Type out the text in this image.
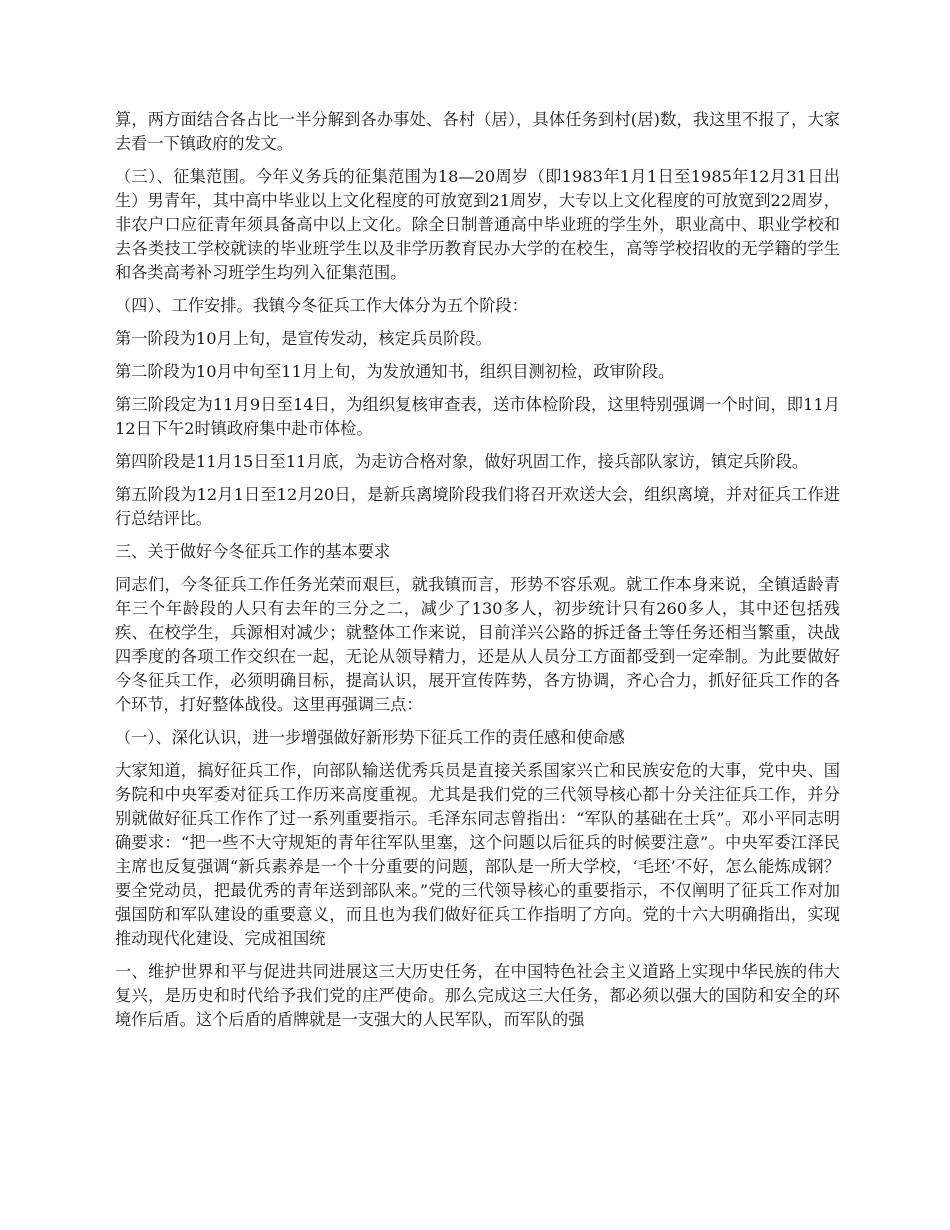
算，两方面结合各占比一半分解到各办事处、各村（居），具体任务到村(居)数，我这里不报了，大家去看一下镇政府的发文。

（三）、征集范围。今年义务兵的征集范围为18—20周岁（即1983年1月1日至1985年12月31日出生）男青年，其中高中毕业以上文化程度的可放宽到21周岁，大专以上文化程度的可放宽到22周岁，非农户口应征青年须具备高中以上文化。除全日制普通高中毕业班的学生外，职业高中、职业学校和去各类技工学校就读的毕业班学生以及非学历教育民办大学的在校生，高等学校招收的无学籍的学生和各类高考补习班学生均列入征集范围。

（四）、工作安排。我镇今冬征兵工作大体分为五个阶段：

第一阶段为10月上旬，是宣传发动，核定兵员阶段。

第二阶段为10月中旬至11月上旬，为发放通知书，组织目测初检，政审阶段。

第三阶段定为11月9日至14日，为组织复核审查表，送市体检阶段，这里特别强调一个时间，即11月12日下午2时镇政府集中赴市体检。

第四阶段是11月15日至11月底，为走访合格对象，做好巩固工作，接兵部队家访，镇定兵阶段。

第五阶段为12月1日至12月20日，是新兵离境阶段我们将召开欢送大会，组织离境，并对征兵工作进行总结评比。

三、关于做好今冬征兵工作的基本要求

同志们，今冬征兵工作任务光荣而艰巨，就我镇而言，形势不容乐观。就工作本身来说，全镇适龄青年三个年龄段的人只有去年的三分之二，减少了130多人，初步统计只有260多人，其中还包括残疾、在校学生，兵源相对减少；就整体工作来说，目前洋兴公路的拆迁备土等任务还相当繁重，决战四季度的各项工作交织在一起，无论从领导精力，还是从人员分工方面都受到一定牵制。为此要做好今冬征兵工作，必须明确目标，提高认识，展开宣传阵势，各方协调，齐心合力，抓好征兵工作的各个环节，打好整体战役。这里再强调三点：

（一）、深化认识，进一步增强做好新形势下征兵工作的责任感和使命感

大家知道，搞好征兵工作，向部队输送优秀兵员是直接关系国家兴亡和民族安危的大事，党中央、国务院和中央军委对征兵工作历来高度重视。尤其是我们党的三代领导核心都十分关注征兵工作，并分别就做好征兵工作作了过一系列重要指示。毛泽东同志曾指出：“军队的基础在士兵”。邓小平同志明确要求：“把一些不大守规矩的青年往军队里塞，这个问题以后征兵的时候要注意”。中央军委江泽民主席也反复强调“新兵素养是一个十分重要的问题，部队是一所大学校，‘毛坯’不好，怎么能炼成钢？要全党动员，把最优秀的青年送到部队来。”党的三代领导核心的重要指示，不仅阐明了征兵工作对加强国防和军队建设的重要意义，而且也为我们做好征兵工作指明了方向。党的十六大明确指出，实现推动现代化建设、完成祖国统

一、维护世界和平与促进共同进展这三大历史任务，在中国特色社会主义道路上实现中华民族的伟大复兴，是历史和时代给予我们党的庄严使命。那么完成这三大任务，都必须以强大的国防和安全的环境作后盾。这个后盾的盾牌就是一支强大的人民军队，而军队的强
